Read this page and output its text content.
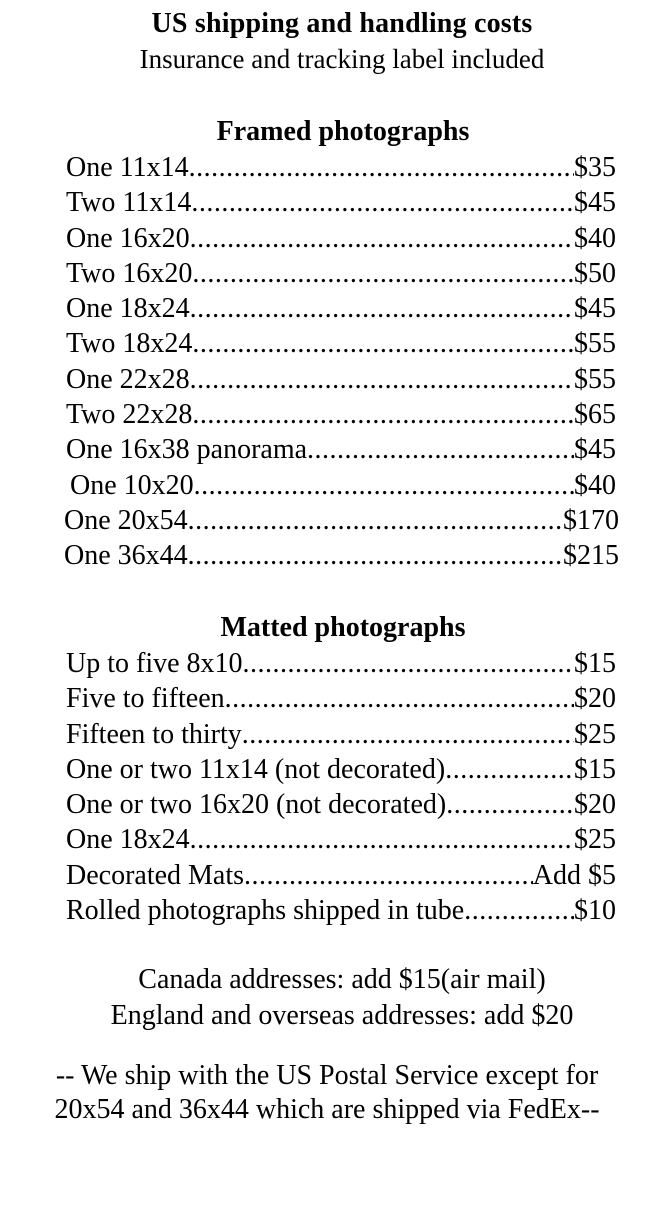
US shipping and handling costs
Insurance and tracking label included
Framed photographs
One 11x14 .....	$35
Two 11x14 .....	$45
One 16x20 .....	$40
Two 16x20 .....	$50
One 18x24 .....	$45
Two 18x24 .....	$55
One 22x28 .....	$55
Two 22x28 .....	$65
One 16x38 panorama .....	$45
One 10x20 .....	$40
One 20x54 .....	$170
One 36x44 .....	$215
Matted photographs
Up to five 8x10 .....	$15
Five to fifteen .....	$20
Fifteen to thirty .....	$25
One or two 11x14 (not decorated) .....	$15
One or two 16x20 (not decorated) .....	$20
One 18x24 .....	$25
Decorated Mats .....	Add $5
Rolled photographs shipped in tube .....	$10
Canada addresses: add $15(air mail)
England and overseas addresses: add $20
-- We ship with the US Postal Service except for
20x54 and 36x44 which are shipped via FedEx--
